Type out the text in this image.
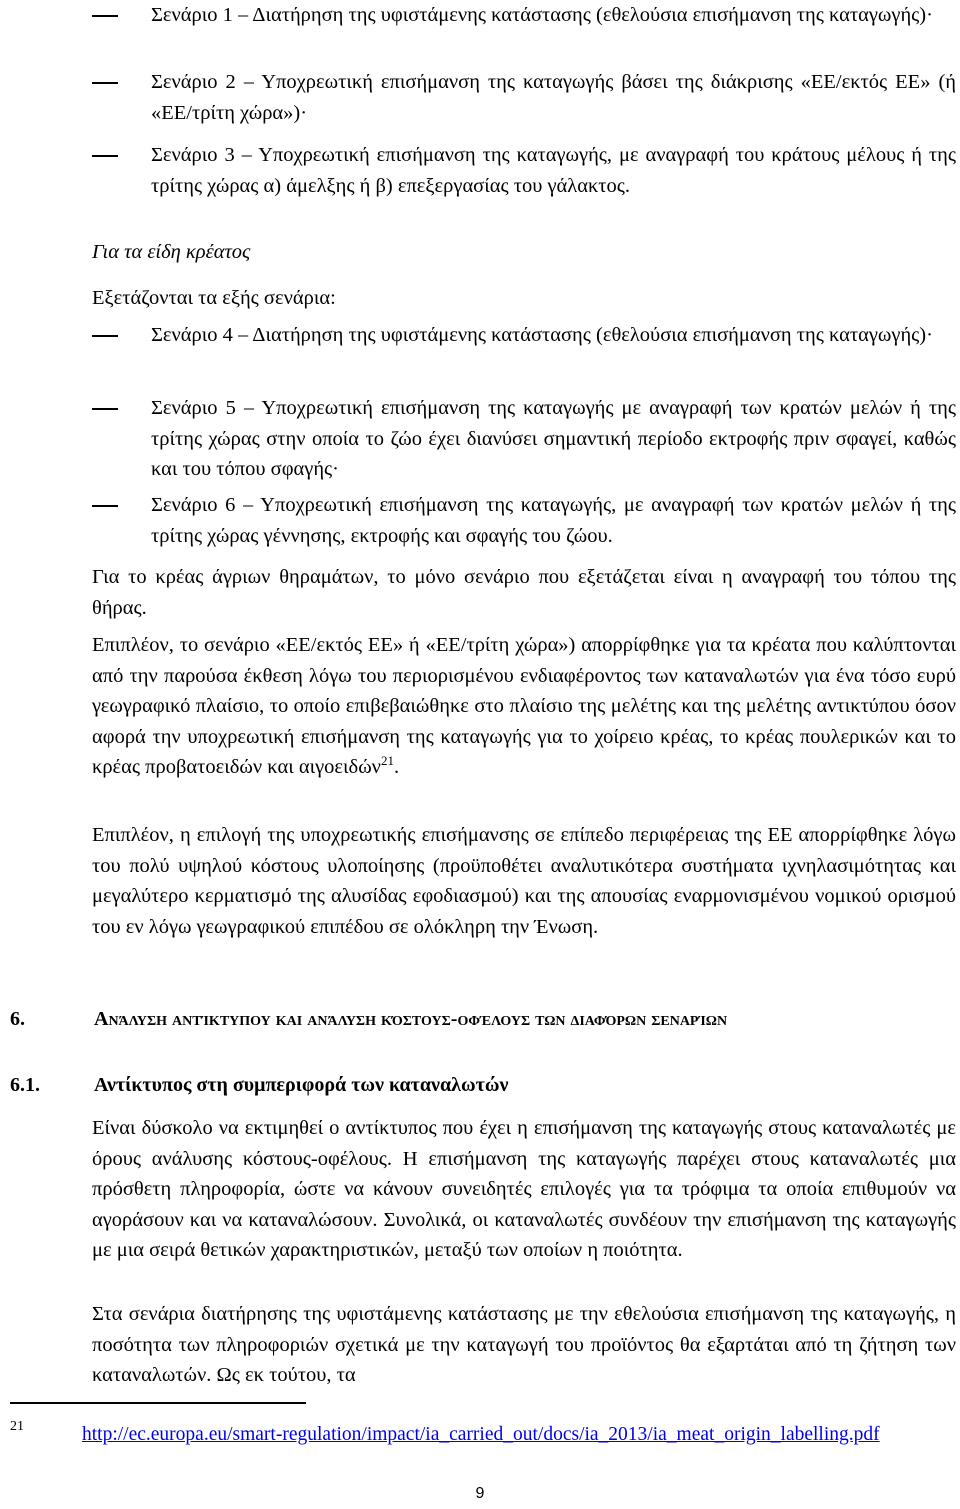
Σενάριο 1 ⎯ Διατήρηση της υφιστάμενης κατάστασης (εθελούσια επισήμανση της καταγωγής)·
Σενάριο 2 ⎯ Υποχρεωτική επισήμανση της καταγωγής βάσει της διάκρισης «ΕΕ/εκτός ΕΕ» (ή «ΕΕ/τρίτη χώρα»)·
Σενάριο 3 ⎯ Υποχρεωτική επισήμανση της καταγωγής, με αναγραφή του κράτους μέλους ή της τρίτης χώρας α) άμελξης ή β) επεξεργασίας του γάλακτος.
Για τα είδη κρέατος
Εξετάζονται τα εξής σενάρια:
Σενάριο 4 ⎯ Διατήρηση της υφιστάμενης κατάστασης (εθελούσια επισήμανση της καταγωγής)·
Σενάριο 5 ⎯ Υποχρεωτική επισήμανση της καταγωγής με αναγραφή των κρατών μελών ή της τρίτης χώρας στην οποία το ζώο έχει διανύσει σημαντική περίοδο εκτροφής πριν σφαγεί, καθώς και του τόπου σφαγής·
Σενάριο 6 ⎯ Υποχρεωτική επισήμανση της καταγωγής, με αναγραφή των κρατών μελών ή της τρίτης χώρας γέννησης, εκτροφής και σφαγής του ζώου.
Για το κρέας άγριων θηραμάτων, το μόνο σενάριο που εξετάζεται είναι η αναγραφή του τόπου της θήρας.
Επιπλέον, το σενάριο «ΕΕ/εκτός ΕΕ» ή «ΕΕ/τρίτη χώρα») απορρίφθηκε για τα κρέατα που καλύπτονται από την παρούσα έκθεση λόγω του περιορισμένου ενδιαφέροντος των καταναλωτών για ένα τόσο ευρύ γεωγραφικό πλαίσιο, το οποίο επιβεβαιώθηκε στο πλαίσιο της μελέτης και της μελέτης αντικτύπου όσον αφορά την υποχρεωτική επισήμανση της καταγωγής για το χοίρειο κρέας, το κρέας πουλερικών και το κρέας προβατοειδών και αιγοειδών$^{21}$.
Επιπλέον, η επιλογή της υποχρεωτικής επισήμανσης σε επίπεδο περιφέρειας της ΕΕ απορρίφθηκε λόγω του πολύ υψηλού κόστους υλοποίησης (προϋποθέτει αναλυτικότερα συστήματα ιχνηλασιμότητας και μεγαλύτερο κερματισμό της αλυσίδας εφοδιασμού) και της απουσίας εναρμονισμένου νομικού ορισμού του εν λόγω γεωγραφικού επιπέδου σε ολόκληρη την Ένωση.
6.	Ανάλυση αντίκτυπου και ανάλυση κόστους-οφέλους των διαφόρων σεναρίων
6.1.	Αντίκτυπος στη συμπεριφορά των καταναλωτών
Είναι δύσκολο να εκτιμηθεί ο αντίκτυπος που έχει η επισήμανση της καταγωγής στους καταναλωτές με όρους ανάλυσης κόστους-οφέλους. Η επισήμανση της καταγωγής παρέχει στους καταναλωτές μια πρόσθετη πληροφορία, ώστε να κάνουν συνειδητές επιλογές για τα τρόφιμα τα οποία επιθυμούν να αγοράσουν και να καταναλώσουν. Συνολικά, οι καταναλωτές συνδέουν την επισήμανση της καταγωγής με μια σειρά θετικών χαρακτηριστικών, μεταξύ των οποίων η ποιότητα.
Στα σενάρια διατήρησης της υφιστάμενης κατάστασης με την εθελούσια επισήμανση της καταγωγής, η ποσότητα των πληροφοριών σχετικά με την καταγωγή του προϊόντος θα εξαρτάται από τη ζήτηση των καταναλωτών. Ως εκ τούτου, τα
21	http://ec.europa.eu/smart-regulation/impact/ia_carried_out/docs/ia_2013/ia_meat_origin_labelling.pdf
9
